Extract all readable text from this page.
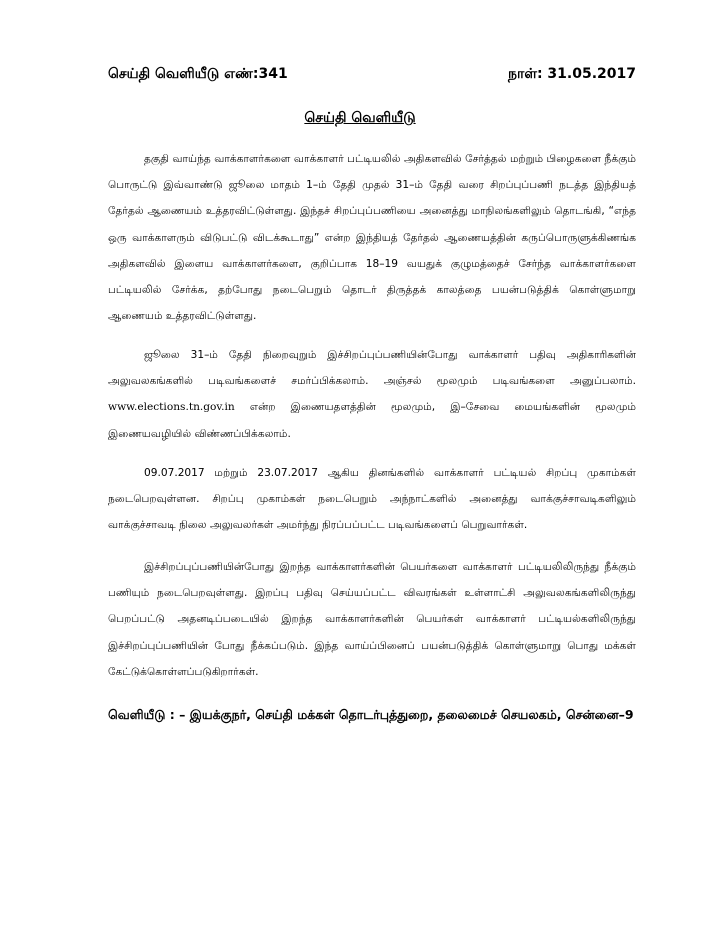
செய்தி வெளியீடு எண்:341	நாள்: 31.05.2017
செய்தி வெளியீடு
தகுதி வாய்ந்த வாக்காளர்களை வாக்காளர் பட்டியலில் அதிகளவில் சேர்த்தல் மற்றும் பிழைகளை நீக்கும் பொருட்டு இவ்வாண்டு ஜூலை மாதம் 1–ம் தேதி முதல் 31–ம் தேதி வரை சிறப்புப்பணி நடத்த இந்தியத் தேர்தல் ஆணையம் உத்தரவிட்டுள்ளது. இந்தச் சிறப்புப்பணியை அனைத்து மாநிலங்களிலும் தொடங்கி, “எந்த ஒரு வாக்காளரும் விடுபட்டு விடக்கூடாது” என்ற இந்தியத் தேர்தல் ஆணையத்தின் கருப்பொருளுக்கிணங்க அதிகளவில் இளைய வாக்காளர்களை, குறிப்பாக 18–19 வயதுக் குழுமத்தைச் சேர்ந்த வாக்காளர்களை பட்டியலில் சேர்க்க, தற்போது நடைபெறும் தொடர் திருத்தக் காலத்தை பயன்படுத்திக் கொள்ளுமாறு ஆணையம் உத்தரவிட்டுள்ளது.
ஜூலை 31–ம் தேதி நிறைவுறும் இச்சிறப்புப்பணியின்போது வாக்காளர் பதிவு அதிகாரிகளின் அலுவலகங்களில் படிவங்களைச் சமர்ப்பிக்கலாம். அஞ்சல் மூலமும் படிவங்களை அனுப்பலாம். www.elections.tn.gov.in என்ற இணையதளத்தின் மூலமும், இ–சேவை மையங்களின் மூலமும் இணையவழியில் விண்ணப்பிக்கலாம்.
09.07.2017 மற்றும் 23.07.2017 ஆகிய தினங்களில் வாக்காளர் பட்டியல் சிறப்பு முகாம்கள் நடைபெறவுள்ளன. சிறப்பு முகாம்கள் நடைபெறும் அந்நாட்களில் அனைத்து வாக்குச்சாவடிகளிலும் வாக்குச்சாவடி நிலை அலுவலர்கள் அமர்ந்து நிரப்பப்பட்ட படிவங்களைப் பெறுவார்கள்.
இச்சிறப்புப்பணியின்போது இறந்த வாக்காளர்களின் பெயர்களை வாக்காளர் பட்டியலிலிருந்து நீக்கும் பணியும் நடைபெறவுள்ளது. இறப்பு பதிவு செய்யப்பட்ட விவரங்கள் உள்ளாட்சி அலுவலகங்களிலிருந்து பெறப்பட்டு அதனடிப்படையில் இறந்த வாக்காளர்களின் பெயர்கள் வாக்காளர் பட்டியல்களிலிருந்து இச்சிறப்புப்பணியின் போது நீக்கப்படும். இந்த வாய்ப்பினைப் பயன்படுத்திக் கொள்ளுமாறு பொது மக்கள் கேட்டுக்கொள்ளப்படுகிறார்கள்.
வெளியீடு : – இயக்குநர், செய்தி மக்கள் தொடர்புத்துறை, தலைமைச் செயலகம், சென்னை–9
